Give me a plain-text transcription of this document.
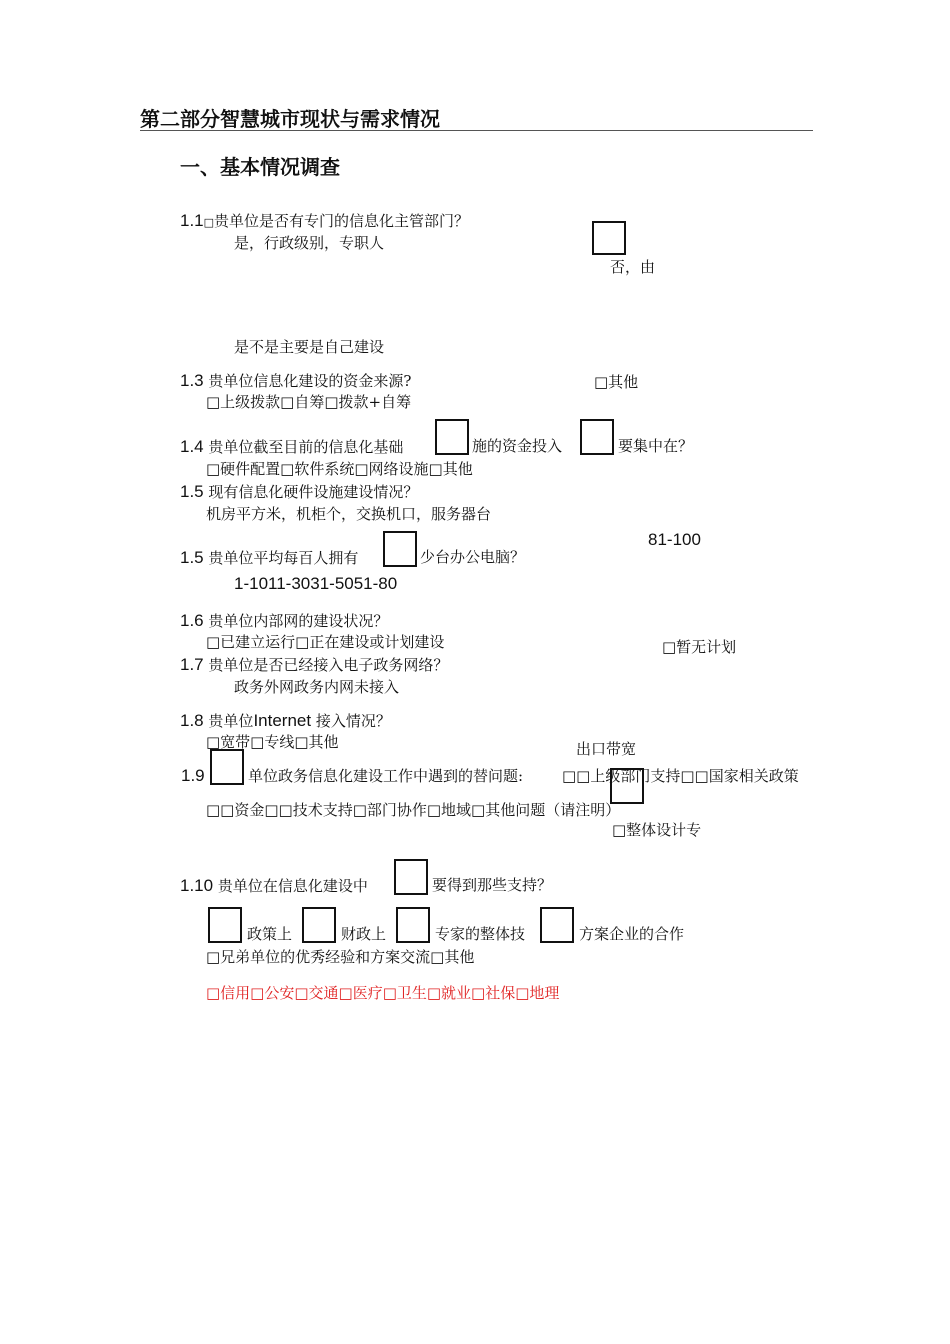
第二部分智慧城市现状与需求情况
一、基本情况调查
1.1□贵单位是否有专门的信息化主管部门？
是，行政级别，专职人
否，由
是不是主要是自己建设
1.3 贵单位信息化建设的资金来源?	□其他
□上级拨款□自筹□拨款+自筹
1.4 贵单位截至目前的信息化基础	施的资金投入	要集中在？
□硬件配置□软件系统□网络设施□其他
1.5 现有信息化硬件设施建设情况？
机房平方米，机柜个，交换机口，服务器台
81-100
1.5 贵单位平均每百人拥有	少台办公电脑？
1-1011-3031-5051-80
1.6 贵单位内部网的建设状况？
□已建立运行□正在建设或计划建设	□暂无计划
1.7 贵单位是否已经接入电子政务网络？
政务外网政务内网未接入
1.8 贵单位Internet 接入情况？
□宽带□专线□其他	出口带宽
1.9	单位政务信息化建设工作中遇到的替问题:	□□上级部门支持□□国家相关政策
□□资金□□技术支持□部门协作□地域□其他问题（请注明）
□整体设计专
1.10 贵单位在信息化建设中	要得到那些支持？
政策上	财政上	专家的整体技	方案企业的合作
□兄弟单位的优秀经验和方案交流□其他
□信用□公安□交通□医疗□卫生□就业□社保□地理
